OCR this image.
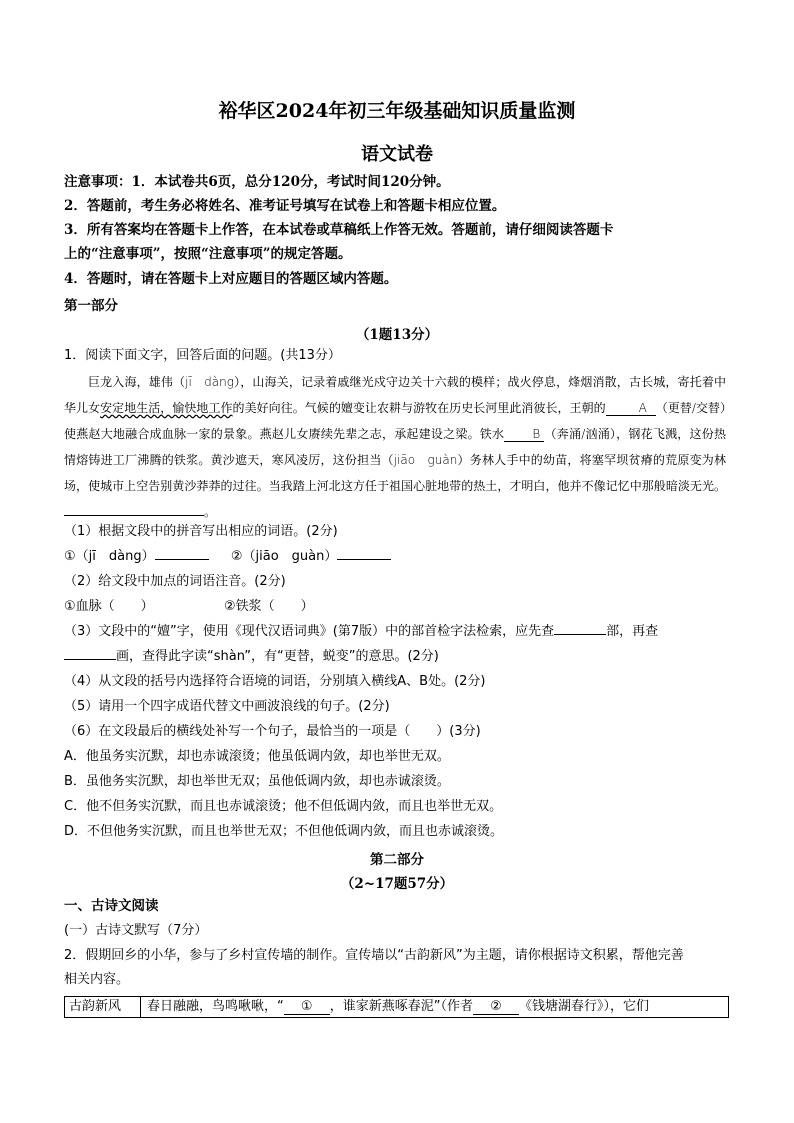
裕华区2024年初三年级基础知识质量监测
语文试卷
注意事项：1．本试卷共6页，总分120分，考试时间120分钟。
2．答题前，考生务必将姓名、准考证号填写在试卷上和答题卡相应位置。
3．所有答案均在答题卡上作答，在本试卷或草稿纸上作答无效。答题前，请仔细阅读答题卡
上的“注意事项”，按照“注意事项”的规定答题。
4．答题时，请在答题卡上对应题目的答题区域内答题。
第一部分
（1题13分）
1．阅读下面文字，回答后面的问题。(共13分）

巨龙入海，雄伟（jī　dàng），山海关，记录着戚继光戍守边关十六载的模样；战火停息，烽烟消散，古长城，寄托着中华儿女安定地生活，愉快地工作的美好向往。气候的嬗变让农耕与游牧在历史长河里此消彼长，王朝的	A （更替/交替）使燕赵大地融合成血脉一家的景象。燕赵儿女赓续先辈之志，承起建设之梁。铁水 B （奔涌/汹涌），钢花飞溅，这份热情熔铸进工厂沸腾的铁浆。黄沙遮天，寒风凌厉，这份担当（jiāo　guàn）务林人手中的幼苗，将塞罕坝贫瘠的荒原变为林场，使城市上空告别黄沙莽莽的过往。当我踏上河北这方任于祖国心脏地带的热土，才明白，他并不像记忆中那般暗淡无光。。

（1）根据文段中的拼音写出相应的词语。(2分)
①（jī　dàng）	②（jiāo　guàn）
（2）给文段中加点的词语注音。(2分)
①血脉（　　）	②铁浆（　　）
（3）文段中的“嬗”字，使用《现代汉语词典》(第7版）中的部首检字法检索，应先查	部，再查
画，查得此字读“shàn”，有“更替，蜕变”的意思。(2分)
（4）从文段的括号内选择符合语境的词语，分别填入横线A、B处。(2分)
（5）请用一个四字成语代替文中画波浪线的句子。(2分)
（6）在文段最后的横线处补写一个句子，最恰当的一项是（　　）(3分)
A．他虽务实沉默，却也赤诚滚烫；他虽低调内敛，却也举世无双。
B．虽他务实沉默，却也举世无双；虽他低调内敛，却也赤诚滚烫。
C．他不但务实沉默，而且也赤诚滚烫；他不但低调内敛，而且也举世无双。
D．不但他务实沉默，而且也举世无双；不但他低调内敛，而且也赤诚滚烫。
第二部分
（2~17题57分）
一、古诗文阅读
(一）古诗文默写（7分）
2．假期回乡的小华，参与了乡村宣传墙的制作。宣传墙以“古韵新风”为主题，请你根据诗文积累，帮他完善
相关内容。
古韵新风	春日融融，鸟鸣啾啾，“ ① ，谁家新燕啄春泥”（作者 ② 《钱塘湖春行》），它们
